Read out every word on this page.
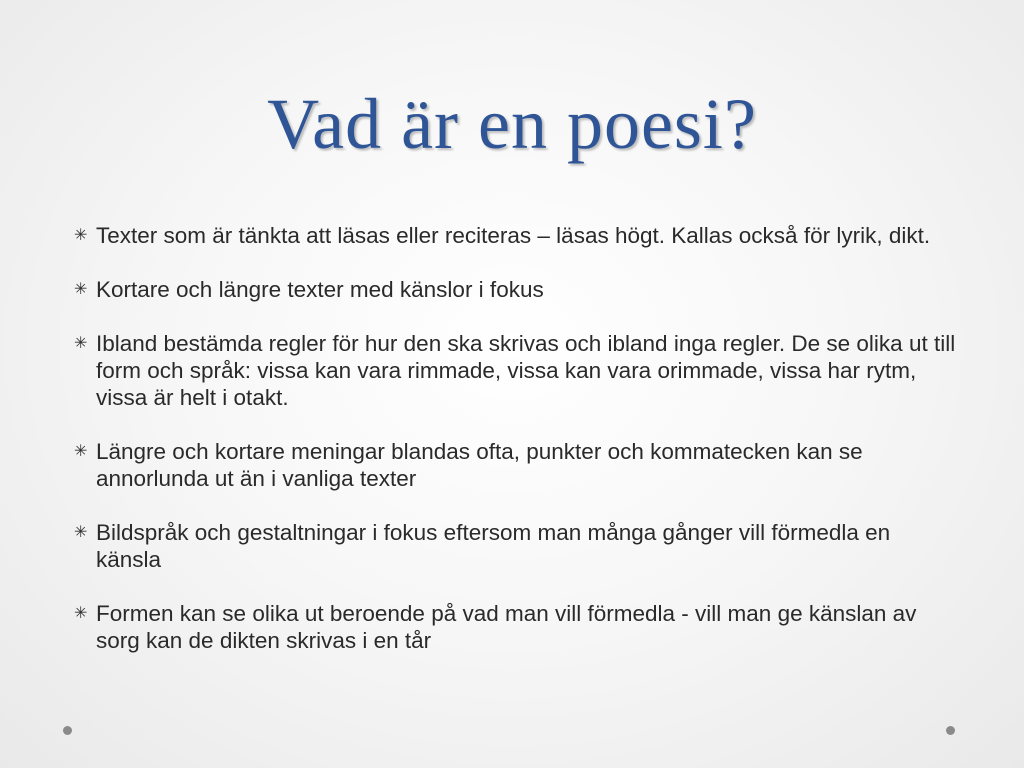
Vad är en poesi?
✳ Texter som är tänkta att läsas eller reciteras – läsas högt. Kallas också för lyrik, dikt.
✳ Kortare och längre texter med känslor i fokus
✳ Ibland bestämda regler för hur den ska skrivas och ibland inga regler. De se olika ut till form och språk: vissa kan vara rimmade, vissa kan vara orimmade, vissa har rytm, vissa är helt i otakt.
✳ Längre och kortare meningar blandas ofta, punkter och kommatecken kan se annorlunda ut än i vanliga texter
✳ Bildspråk och gestaltningar i fokus eftersom man många gånger vill förmedla en känsla
✳ Formen kan se olika ut beroende på vad man vill förmedla - vill man ge känslan av sorg kan de dikten skrivas i en tår
